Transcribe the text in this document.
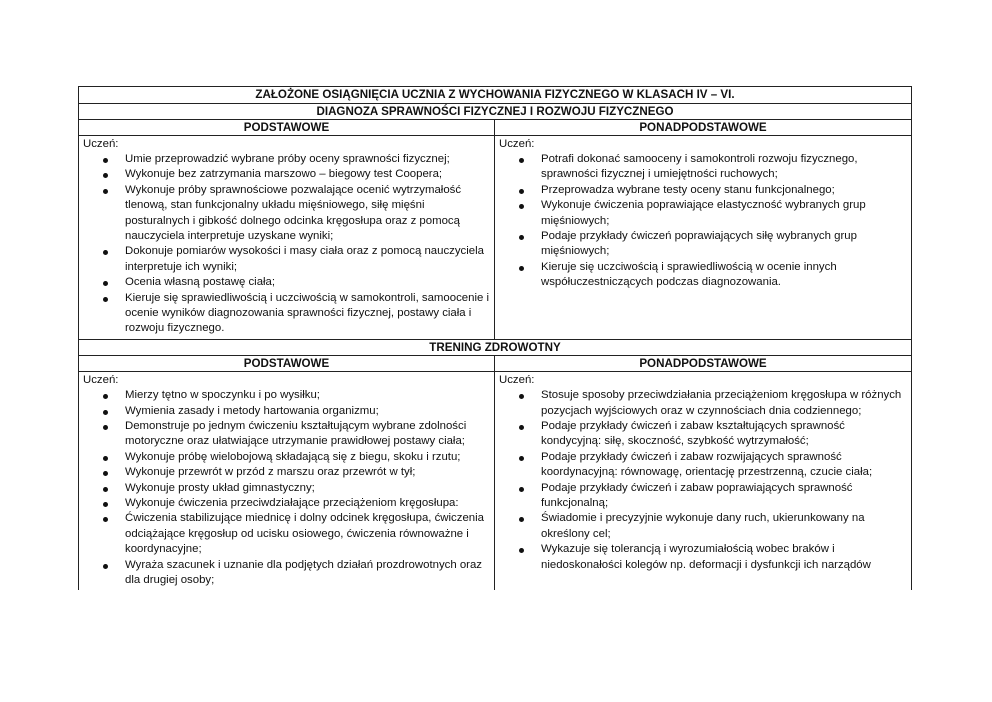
ZAŁOŻONE OSIĄGNIĘCIA UCZNIA Z WYCHOWANIA FIZYCZNEGO W KLASACH IV – VI.
DIAGNOZA SPRAWNOŚCI FIZYCZNEJ I ROZWOJU FIZYCZNEGO
PODSTAWOWE	PONADPODSTAWOWE
Uczeń:
Umie przeprowadzić wybrane próby oceny sprawności fizycznej;
Wykonuje bez zatrzymania marszowo – biegowy test Coopera;
Wykonuje próby sprawnościowe pozwalające ocenić wytrzymałość tlenową, stan funkcjonalny układu mięśniowego, siłę mięśni posturalnych i gibkość dolnego odcinka kręgosłupa oraz z pomocą nauczyciela interpretuje uzyskane wyniki;
Dokonuje pomiarów wysokości i masy ciała oraz z pomocą nauczyciela interpretuje ich wyniki;
Ocenia własną postawę ciała;
Kieruje się sprawiedliwością i uczciwością w samokontroli, samoocenie i ocenie wyników diagnozowania sprawności fizycznej, postawy ciała i rozwoju fizycznego.
Uczeń:
Potrafi dokonać samooceny i samokontroli rozwoju fizycznego, sprawności fizycznej i umiejętności ruchowych;
Przeprowadza wybrane testy oceny stanu funkcjonalnego;
Wykonuje ćwiczenia poprawiające elastyczność wybranych grup mięśniowych;
Podaje przykłady ćwiczeń poprawiających siłę wybranych grup mięśniowych;
Kieruje się uczciwością i sprawiedliwością w ocenie innych współuczestniczących podczas diagnozowania.
TRENING ZDROWOTNY
PODSTAWOWE	PONADPODSTAWOWE
Uczeń:
Mierzy tętno w spoczynku i po wysiłku;
Wymienia zasady i metody hartowania organizmu;
Demonstruje po jednym ćwiczeniu kształtującym wybrane zdolności motoryczne oraz ułatwiające utrzymanie prawidłowej postawy ciała;
Wykonuje próbę wielobojową składającą się z biegu, skoku i rzutu;
Wykonuje przewrót w przód z marszu oraz przewrót w tył;
Wykonuje prosty układ gimnastyczny;
Wykonuje ćwiczenia przeciwdziałające przeciążeniom kręgosłupa:
Ćwiczenia stabilizujące miednicę i dolny odcinek kręgosłupa, ćwiczenia odciążające kręgosłup od ucisku osiowego, ćwiczenia równoważne i koordynacyjne;
Wyraża szacunek i uznanie dla podjętych działań prozdrowotnych oraz dla drugiej osoby;
Uczeń:
Stosuje sposoby przeciwdziałania przeciążeniom kręgosłupa w różnych pozycjach wyjściowych oraz w czynnościach dnia codziennego;
Podaje przykłady ćwiczeń i zabaw kształtujących sprawność kondycyjną: siłę, skoczność, szybkość wytrzymałość;
Podaje przykłady ćwiczeń i zabaw rozwijających sprawność koordynacyjną: równowagę, orientację przestrzenną, czucie ciała;
Podaje przykłady ćwiczeń i zabaw poprawiających sprawność funkcjonalną;
Świadomie i precyzyjnie wykonuje dany ruch, ukierunkowany na określony cel;
Wykazuje się tolerancją i wyrozumiałością wobec braków i niedoskonałości kolegów np. deformacji i dysfunkcji ich narządów
